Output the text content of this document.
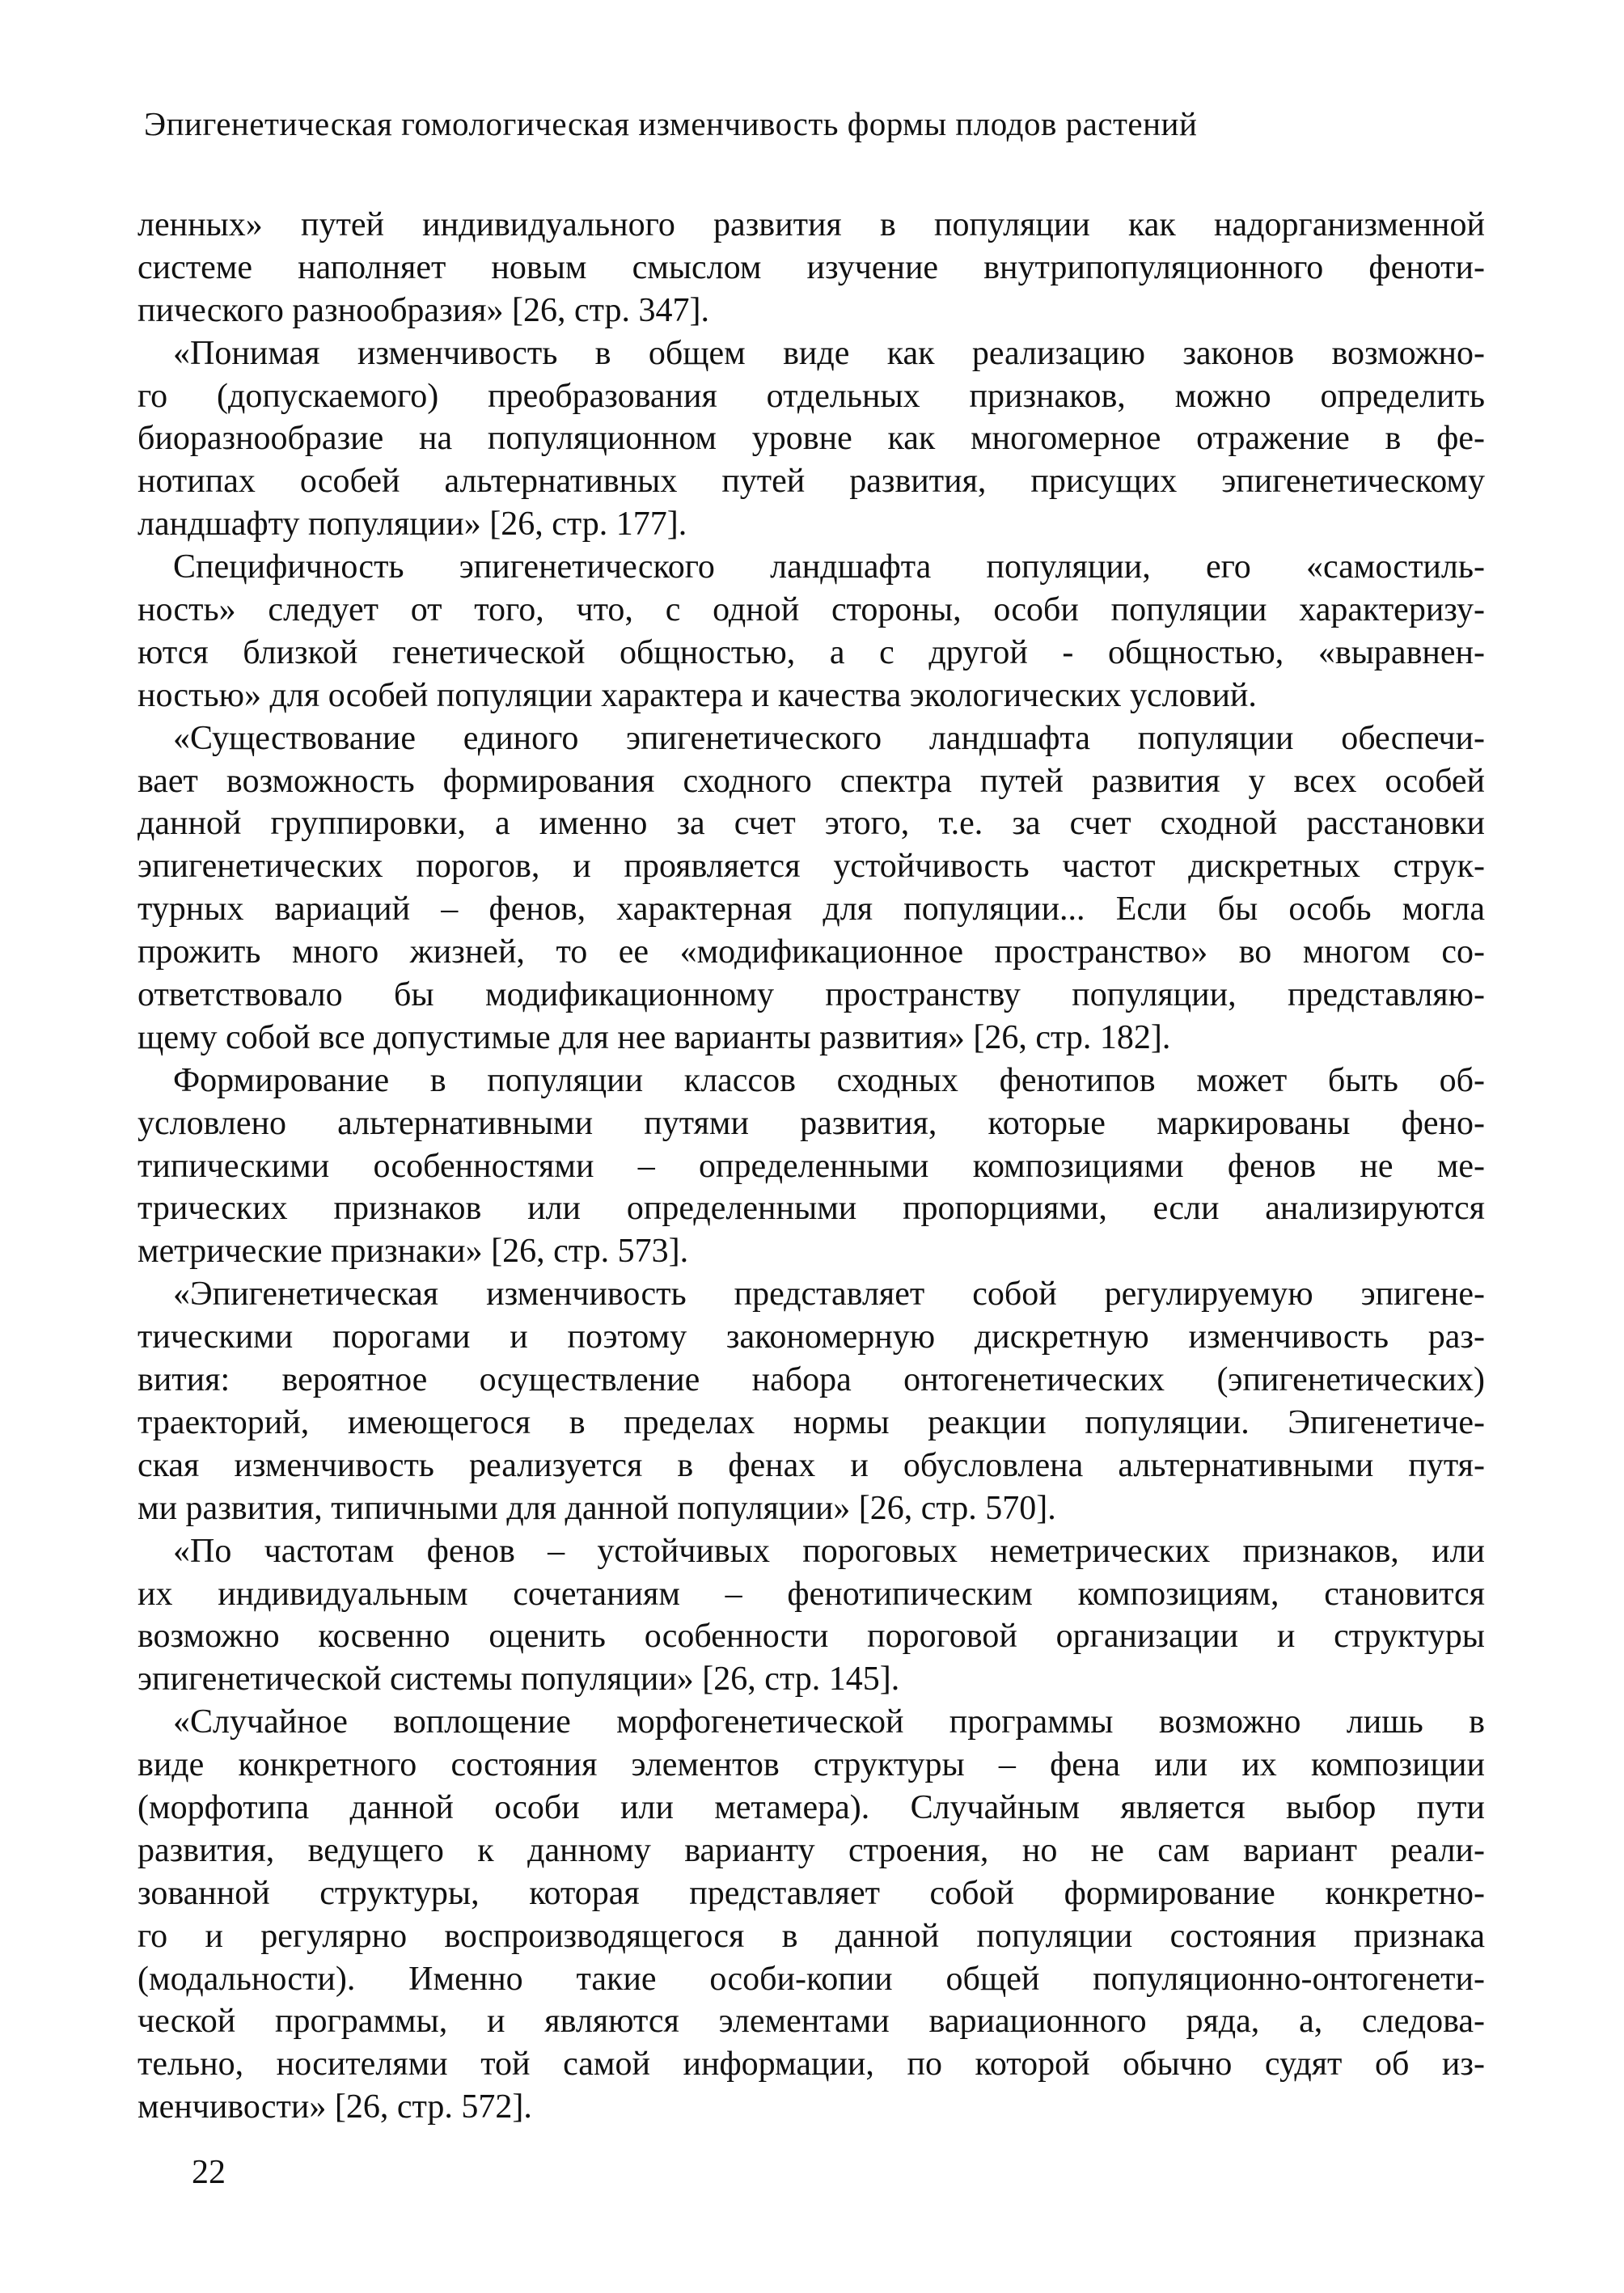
Эпигенетическая гомологическая изменчивость формы плодов растений
ленных» путей индивидуального развития в популяции как надорганизменной
системе наполняет новым смыслом изучение внутрипопуляционного феноти-
пического разнообразия» [26, стр. 347].
«Понимая изменчивость в общем виде как реализацию законов возможно-
го (допускаемого) преобразования отдельных признаков, можно определить
биоразнообразие на популяционном уровне как многомерное отражение в фе-
нотипах особей альтернативных путей развития, присущих эпигенетическому
ландшафту популяции» [26, стр. 177].
Специфичность эпигенетического ландшафта популяции, его «самостиль-
ность» следует от того, что, с одной стороны, особи популяции характеризу-
ются близкой генетической общностью, а с другой - общностью, «выравнен-
ностью» для особей популяции характера и качества экологических условий.
«Существование единого эпигенетического ландшафта популяции обеспечи-
вает возможность формирования сходного спектра путей развития у всех особей
данной группировки, а именно за счет этого, т.е. за счет сходной расстановки
эпигенетических порогов, и проявляется устойчивость частот дискретных струк-
турных вариаций – фенов, характерная для популяции... Если бы особь могла
прожить много жизней, то ее «модификационное пространство» во многом со-
ответствовало бы модификационному пространству популяции, представляю-
щему собой все допустимые для нее варианты развития» [26, стр. 182].
Формирование в популяции классов сходных фенотипов может быть об-
условлено альтернативными путями развития, которые маркированы фено-
типическими особенностями – определенными композициями фенов не ме-
трических признаков или определенными пропорциями, если анализируются
метрические признаки» [26, стр. 573].
«Эпигенетическая изменчивость представляет собой регулируемую эпигене-
тическими порогами и поэтому закономерную дискретную изменчивость раз-
вития: вероятное осуществление набора онтогенетических (эпигенетических)
траекторий, имеющегося в пределах нормы реакции популяции. Эпигенетиче-
ская изменчивость реализуется в фенах и обусловлена альтернативными путя-
ми развития, типичными для данной популяции» [26, стр. 570].
«По частотам фенов – устойчивых пороговых неметрических признаков, или
их индивидуальным сочетаниям – фенотипическим композициям, становится
возможно косвенно оценить особенности пороговой организации и структуры
эпигенетической системы популяции» [26, стр. 145].
«Случайное воплощение морфогенетической программы возможно лишь в
виде конкретного состояния элементов структуры – фена или их композиции
(морфотипа данной особи или метамера). Случайным является выбор пути
развития, ведущего к данному варианту строения, но не сам вариант реали-
зованной структуры, которая представляет собой формирование конкретно-
го и регулярно воспроизводящегося в данной популяции состояния признака
(модальности). Именно такие особи-копии общей популяционно-онтогенети-
ческой программы, и являются элементами вариационного ряда, а, следова-
тельно, носителями той самой информации, по которой обычно судят об из-
менчивости» [26, стр. 572].
22
